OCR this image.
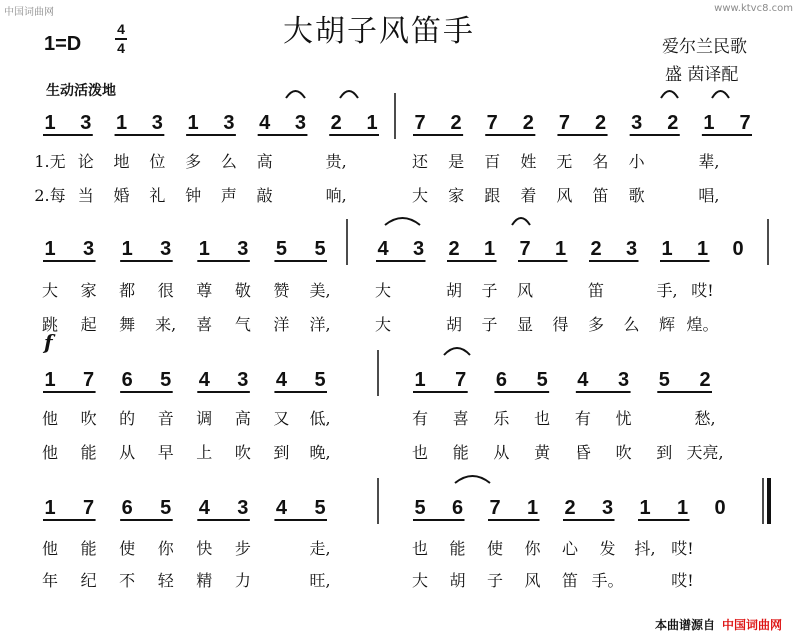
中国词曲网	www.ktvc8.com
大胡子风笛手
1=D
4
4	爱尔兰民歌
盛 茵译配
生动活泼地
f
1 3 1 3 1 3 4 3 2 1
1.无 论 地 位 多 么 高	贵,
2.每 当 婚 礼 钟 声 敲	响,
7 2 7 2 7 2 3 2 1 7
还 是 百 姓 无 名 小	辈,
大 家 跟 着 风 笛 歌	唱,
1 3 1 3 1 3 5 5
大 家 都 很 尊 敬 赞 美,
跳 起 舞 来, 喜 气 洋 洋,
4 3 2 1 7 1 2 3 1 1 0
大	胡 子 风	笛	手, 哎!
大	胡 子 显 得 多 么 辉 煌。
1 7 6 5 4 3 4 5
他 吹 的 音 调 高 又 低,
他 能 从 早 上 吹 到 晚,
1 7 6 5 4 3 5 2
有 喜 乐 也 有 忧	愁,
也 能 从 黄 昏 吹 到 天亮,
1 7 6 5 4 3 4 5
他 能 使 你 快 步	走,
年 纪 不 轻 精 力	旺,
5 6 7 1 2 3 1 1 0
也 能 使 你 心 发 抖, 哎!
大 胡 子 风 笛 手。	哎!
本曲谱源自 中国词曲网
